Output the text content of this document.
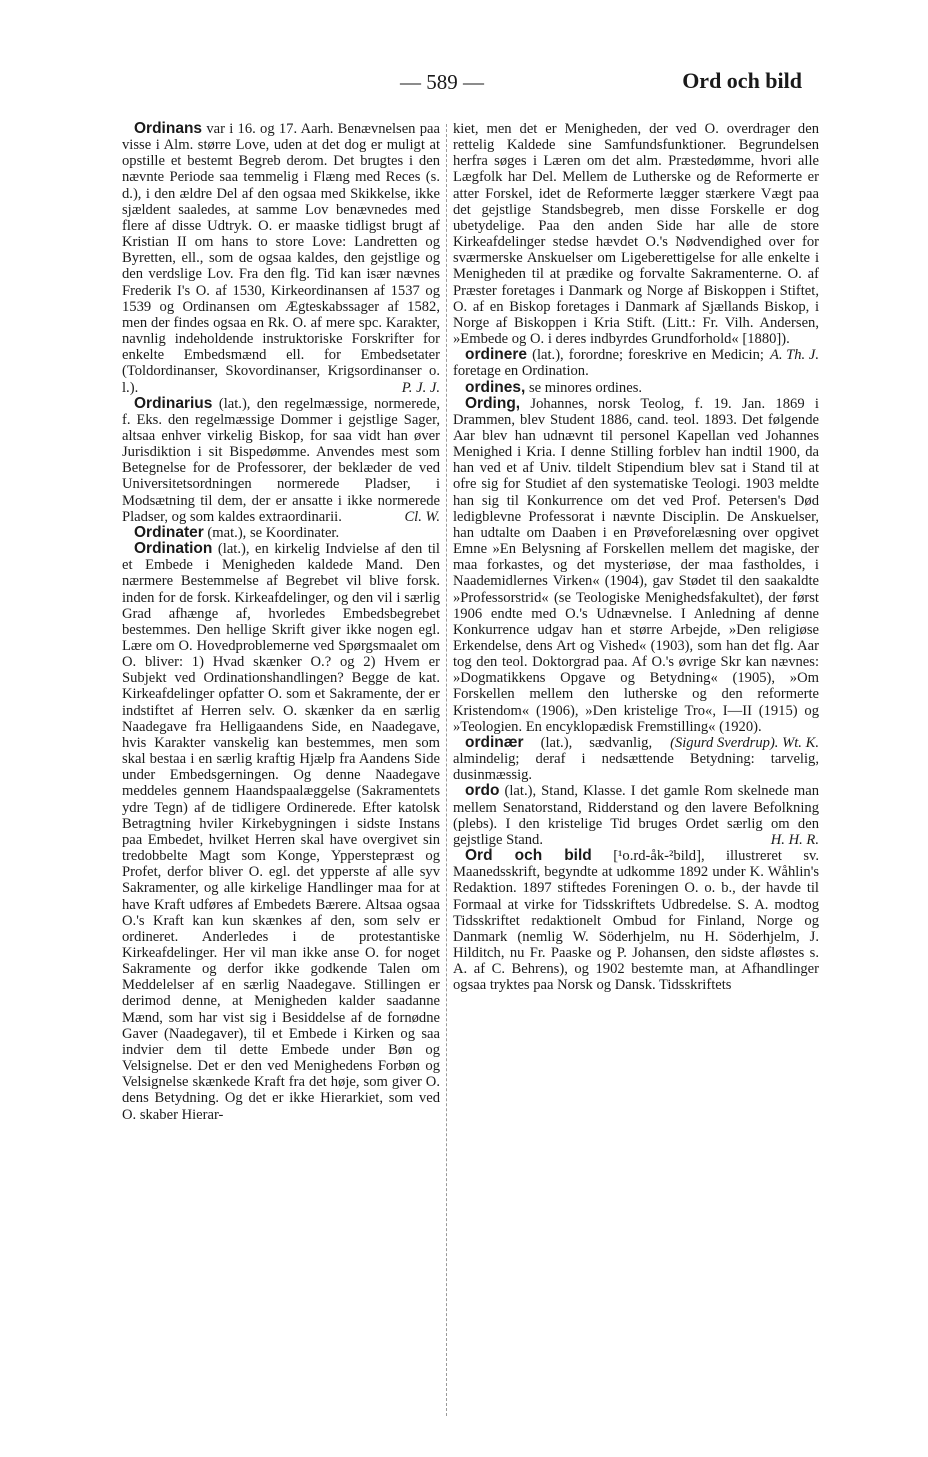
— 589 —	Ord och bild

Ordinans var i 16. og 17. Aarh. Benævnelsen paa visse i Alm. større Love, uden at det dog er muligt at opstille et bestemt Begreb derom. Det brugtes i den nævnte Periode saa temmelig i Flæng med Reces (s. d.), i den ældre Del af den ogsaa med Skikkelse, ikke sjældent saaledes, at samme Lov benævnedes med flere af disse Udtryk. O. er maaske tidligst brugt af Kristian II om hans to store Love: Landretten og Byretten, ell., som de ogsaa kaldes, den gejstlige og den verdslige Lov. Fra den flg. Tid kan især nævnes Frederik I's O. af 1530, Kirkeordinansen af 1537 og 1539 og Ordinansen om Ægteskabssager af 1582, men der findes ogsaa en Rk. O. af mere spc. Karakter, navnlig indeholdende instruktoriske Forskrifter for enkelte Embedsmænd ell. for Embedsetater (Toldordinanser, Skovordinanser, Krigsordinanser o. l.).	P. J. J.

Ordinarius (lat.), den regelmæssige, normerede, f. Eks. den regelmæssige Dommer i gejstlige Sager, altsaa enhver virkelig Biskop, for saa vidt han øver Jurisdiktion i sit Bispedømme. Anvendes mest som Betegnelse for de Professorer, der beklæder de ved Universitetsordningen normerede Pladser, i Modsætning til dem, der er ansatte i ikke normerede Pladser, og som kaldes extraordinarii.	Cl. W.

Ordinater (mat.), se Koordinater.

Ordination (lat.), en kirkelig Indvielse af den til et Embede i Menigheden kaldede Mand. Den nærmere Bestemmelse af Begrebet vil blive forsk. inden for de forsk. Kirkeafdelinger, og den vil i særlig Grad afhænge af, hvorledes Embedsbegrebet bestemmes. Den hellige Skrift giver ikke nogen egl. Lære om O. Hovedproblemerne ved Spørgsmaalet om O. bliver: 1) Hvad skænker O.? og 2) Hvem er Subjekt ved Ordinationshandlingen? Begge de kat. Kirkeafdelinger opfatter O. som et Sakramente, der er indstiftet af Herren selv. O. skænker da en særlig Naadegave fra Helligaandens Side, en Naadegave, hvis Karakter vanskelig kan bestemmes, men som skal bestaa i en særlig kraftig Hjælp fra Aandens Side under Embedsgerningen. Og denne Naadegave meddeles gennem Haandspaalæggelse (Sakramentets ydre Tegn) af de tidligere Ordinerede. Efter katolsk Betragtning hviler Kirkebygningen i sidste Instans paa Embedet, hvilket Herren skal have overgivet sin tredobbelte Magt som Konge, Ypperstepræst og Profet, derfor bliver O. egl. det ypperste af alle syv Sakramenter, og alle kirkelige Handlinger maa for at have Kraft udføres af Embedets Bærere. Altsaa ogsaa O.'s Kraft kan kun skænkes af den, som selv er ordineret. Anderledes i de protestantiske Kirkeafdelinger. Her vil man ikke anse O. for noget Sakramente og derfor ikke godkende Talen om Meddelelser af en særlig Naadegave. Stillingen er derimod denne, at Menigheden kalder saadanne Mænd, som har vist sig i Besiddelse af de fornødne Gaver (Naadegaver), til et Embede i Kirken og saa indvier dem til dette Embede under Bøn og Velsignelse. Det er den ved Menighedens Forbøn og Velsignelse skænkede Kraft fra det høje, som giver O. dens Betydning. Og det er ikke Hierarkiet, som ved O. skaber Hierar-

kiet, men det er Menigheden, der ved O. overdrager den rettelig Kaldede sine Samfundsfunktioner. Begrundelsen herfra søges i Læren om det alm. Præstedømme, hvori alle Lægfolk har Del. Mellem de Lutherske og de Reformerte er atter Forskel, idet de Reformerte lægger stærkere Vægt paa det gejstlige Standsbegreb, men disse Forskelle er dog ubetydelige. Paa den anden Side har alle de store Kirkeafdelinger stedse hævdet O.'s Nødvendighed over for sværmerske Anskuelser om Ligeberettigelse for alle enkelte i Menigheden til at prædike og forvalte Sakramenterne. O. af Præster foretages i Danmark og Norge af Biskoppen i Stiftet, O. af en Biskop foretages i Danmark af Sjællands Biskop, i Norge af Biskoppen i Kria Stift. (Litt.: Fr. Vilh. Andersen, »Embede og O. i deres indbyrdes Grundforhold« [1880]).
A. Th. J.

ordinere (lat.), forordne; foreskrive en Medicin; foretage en Ordination.

ordines, se minores ordines.

Ording, Johannes, norsk Teolog, f. 19. Jan. 1869 i Drammen, blev Student 1886, cand. teol. 1893. Det følgende Aar blev han udnævnt til personel Kapellan ved Johannes Menighed i Kria. I denne Stilling forblev han indtil 1900, da han ved et af Univ. tildelt Stipendium blev sat i Stand til at ofre sig for Studiet af den systematiske Teologi. 1903 meldte han sig til Konkurrence om det ved Prof. Petersen's Død ledigblevne Professorat i nævnte Disciplin. De Anskuelser, han udtalte om Daaben i en Prøveforelæsning over opgivet Emne »En Belysning af Forskellen mellem det magiske, der maa forkastes, og det mysteriøse, der maa fastholdes, i Naademidlernes Virken« (1904), gav Stødet til den saakaldte »Professorstrid« (se Teologiske Menighedsfakultet), der først 1906 endte med O.'s Udnævnelse. I Anledning af denne Konkurrence udgav han et større Arbejde, »Den religiøse Erkendelse, dens Art og Vished« (1903), som han det flg. Aar tog den teol. Doktorgrad paa. Af O.'s øvrige Skr kan nævnes: »Dogmatikkens Opgave og Betydning« (1905), »Om Forskellen mellem den lutherske og den reformerte Kristendom« (1906), »Den kristelige Tro«, I—II (1915) og »Teologien. En encyklopædisk Fremstilling« (1920).
(Sigurd Sverdrup). Wt. K.

ordinær (lat.), sædvanlig, almindelig; deraf i nedsættende Betydning: tarvelig, dusinmæssig.

ordo (lat.), Stand, Klasse. I det gamle Rom skelnede man mellem Senatorstand, Ridderstand og den lavere Befolkning (plebs). I den kristelige Tid bruges Ordet særlig om den gejstlige Stand.	H. H. R.

Ord och bild [¹o.rd-åk-²bild], illustreret sv. Maanedsskrift, begyndte at udkomme 1892 under K. Wåhlin's Redaktion. 1897 stiftedes Foreningen O. o. b., der havde til Formaal at virke for Tidsskriftets Udbredelse. S. A. modtog Tidsskriftet redaktionelt Ombud for Finland, Norge og Danmark (nemlig W. Söderhjelm, nu H. Söderhjelm, J. Hilditch, nu Fr. Paaske og P. Johansen, den sidste afløstes s. A. af C. Behrens), og 1902 bestemte man, at Afhandlinger ogsaa tryktes paa Norsk og Dansk. Tidsskriftets
